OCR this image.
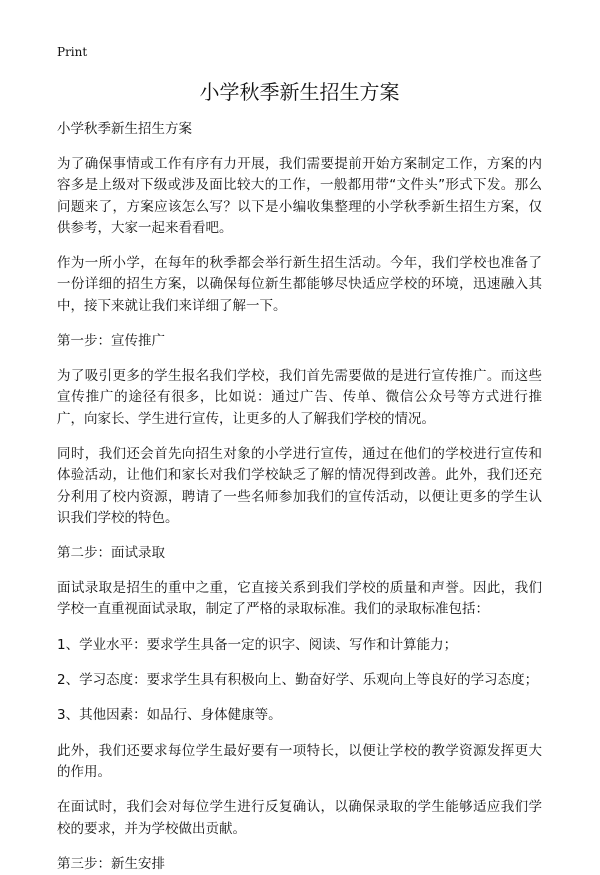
Print
小学秋季新生招生方案
小学秋季新生招生方案
为了确保事情或工作有序有力开展，我们需要提前开始方案制定工作，方案的内容多是上级对下级或涉及面比较大的工作，一般都用带“文件头”形式下发。那么问题来了，方案应该怎么写？以下是小编收集整理的小学秋季新生招生方案，仅供参考，大家一起来看看吧。
作为一所小学，在每年的秋季都会举行新生招生活动。今年，我们学校也准备了一份详细的招生方案，以确保每位新生都能够尽快适应学校的环境，迅速融入其中，接下来就让我们来详细了解一下。
第一步：宣传推广
为了吸引更多的学生报名我们学校，我们首先需要做的是进行宣传推广。而这些宣传推广的途径有很多，比如说：通过广告、传单、微信公众号等方式进行推广，向家长、学生进行宣传，让更多的人了解我们学校的情况。
同时，我们还会首先向招生对象的小学进行宣传，通过在他们的学校进行宣传和体验活动，让他们和家长对我们学校缺乏了解的情况得到改善。此外，我们还充分利用了校内资源，聘请了一些名师参加我们的宣传活动，以便让更多的学生认识我们学校的特色。
第二步：面试录取
面试录取是招生的重中之重，它直接关系到我们学校的质量和声誉。因此，我们学校一直重视面试录取，制定了严格的录取标准。我们的录取标准包括：
1、学业水平：要求学生具备一定的识字、阅读、写作和计算能力；
2、学习态度：要求学生具有积极向上、勤奋好学、乐观向上等良好的学习态度；
3、其他因素：如品行、身体健康等。
此外，我们还要求每位学生最好要有一项特长，以便让学校的教学资源发挥更大的作用。
在面试时，我们会对每位学生进行反复确认，以确保录取的学生能够适应我们学校的要求，并为学校做出贡献。
第三步：新生安排
